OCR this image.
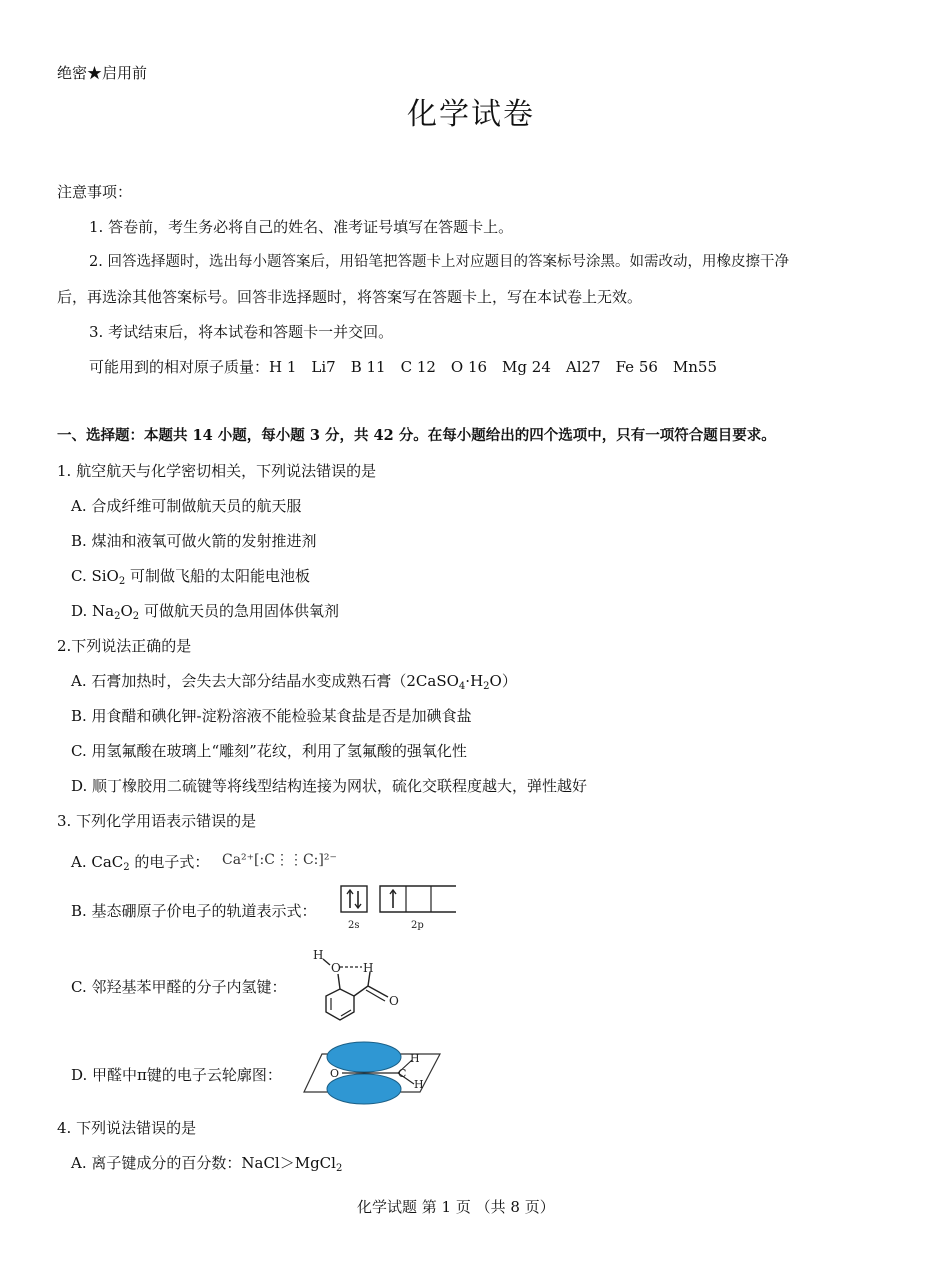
绝密★启用前
化学试卷
注意事项：
1. 答卷前，考生务必将自己的姓名、准考证号填写在答题卡上。
2. 回答选择题时，选出每小题答案后，用铅笔把答题卡上对应题目的答案标号涂黑。如需改动，用橡皮擦干净
后，再选涂其他答案标号。回答非选择题时，将答案写在答题卡上，写在本试卷上无效。
3. 考试结束后，将本试卷和答题卡一并交回。
可能用到的相对原子质量：H 1　Li7　B 11　C 12　O 16　Mg 24　Al27　Fe 56　Mn55
一、选择题：本题共 14 小题，每小题 3 分，共 42 分。在每小题给出的四个选项中，只有一项符合题目要求。
1. 航空航天与化学密切相关，下列说法错误的是
A. 合成纤维可制做航天员的航天服
B. 煤油和液氧可做火箭的发射推进剂
C. SiO$_2$ 可制做飞船的太阳能电池板
D. $Na_2O_2$ 可做航天员的急用固体供氧剂
2.下列说法正确的是
A. 石膏加热时，会失去大部分结晶水变成熟石膏$(2CaSO_4\cdot H_2O)$
B. 用食醋和碘化钾-淀粉溶液不能检验某食盐是否是加碘食盐
C. 用氢氟酸在玻璃上“雕刻”花纹，利用了氢氟酸的强氧化性
D. 顺丁橡胶用二硫键等将线型结构连接为网状，硫化交联程度越大，弹性越好
3. 下列化学用语表示错误的是
A. CaC$_2$ 的电子式： Ca²⁺[:C⋮⋮C:]²⁻
B. 基态硼原子价电子的轨道表示式：
2s	2p
C. 邻羟基苯甲醛的分子内氢键：
H
O H
O
D. 甲醛中π键的电子云轮廓图：	O	C
H
H
4. 下列说法错误的是
A. 离子键成分的百分数：NaCl＞MgCl$_2$
化学试题 第 1 页 （共 8 页）
